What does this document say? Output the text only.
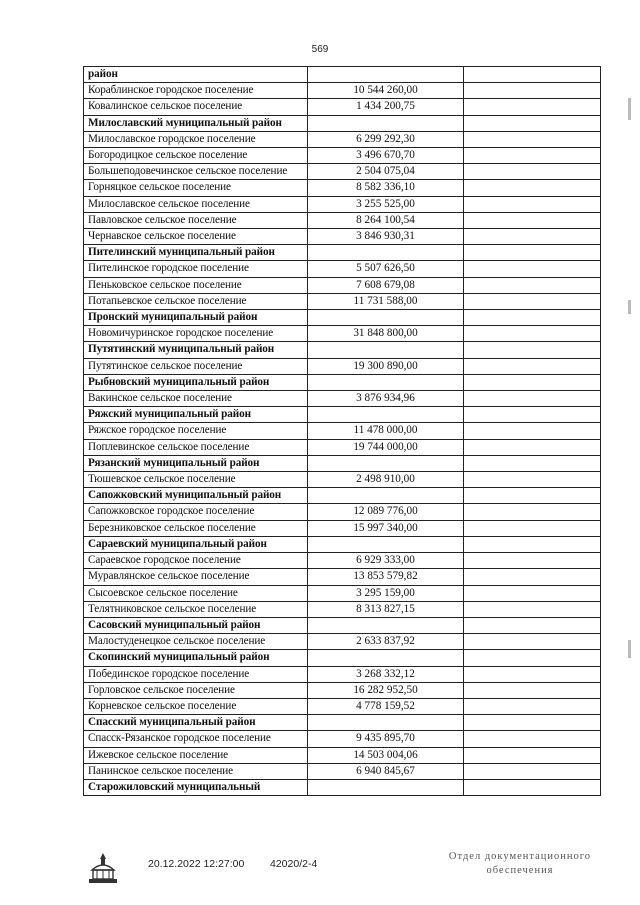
569
район		
Кораблинское городское поселение	10 544 260,00	
Ковалинское сельское поселение	1 434 200,75	
Милославский муниципальный район		
Милославское городское поселение	6 299 292,30	
Богородицкое сельское поселение	3 496 670,70	
Большеподовечинское сельское поселение	2 504 075,04	
Горняцкое сельское поселение	8 582 336,10	
Милославское сельское поселение	3 255 525,00	
Павловское сельское поселение	8 264 100,54	
Чернавское сельское поселение	3 846 930,31	
Пителинский муниципальный район		
Пителинское городское поселение	5 507 626,50	
Пеньковское сельское поселение	7 608 679,08	
Потапьевское сельское поселение	11 731 588,00	
Пронский муниципальный район		
Новомичуринское городское поселение	31 848 800,00	
Путятинский муниципальный район		
Путятинское сельское поселение	19 300 890,00	
Рыбновский муниципальный район		
Вакинское сельское поселение	3 876 934,96	
Ряжский муниципальный район		
Ряжское городское поселение	11 478 000,00	
Поплевинское сельское поселение	19 744 000,00	
Рязанский муниципальный район		
Тюшевское сельское поселение	2 498 910,00	
Сапожковский муниципальный район		
Сапожковское городское поселение	12 089 776,00	
Березниковское сельское поселение	15 997 340,00	
Сараевский муниципальный район		
Сараевское городское поселение	6 929 333,00	
Муравлянское сельское поселение	13 853 579,82	
Сысоевское сельское поселение	3 295 159,00	
Телятниковское сельское поселение	8 313 827,15	
Сасовский муниципальный район		
Малостуденецкое сельское поселение	2 633 837,92	
Скопинский муниципальный район		
Побединское городское поселение	3 268 332,12	
Горловское сельское поселение	16 282 952,50	
Корневское сельское поселение	4 778 159,52	
Спасский муниципальный район		
Спасск-Рязанское городское поселение	9 435 895,70	
Ижевское сельское поселение	14 503 004,06	
Панинское сельское поселение	6 940 845,67	
Старожиловский муниципальный		
20.12.2022 12:27:00 42020/2-4
Отдел документационного
обеспечения
